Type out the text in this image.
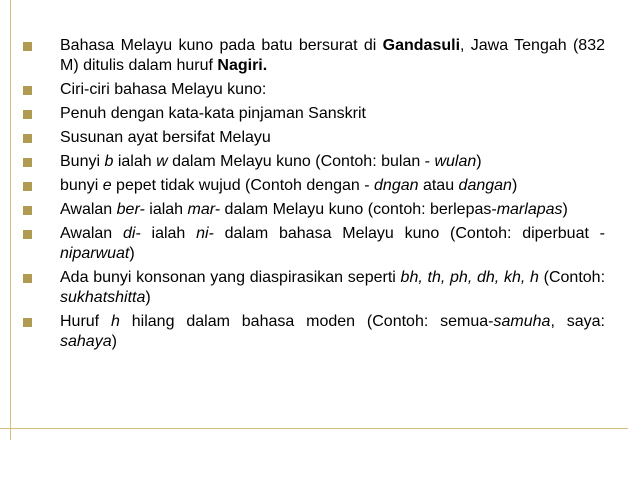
Bahasa Melayu kuno pada batu bersurat di Gandasuli, Jawa Tengah (832 M) ditulis dalam huruf Nagiri.
Ciri-ciri bahasa Melayu kuno:
Penuh dengan kata-kata pinjaman Sanskrit
Susunan ayat bersifat Melayu
Bunyi b ialah w dalam Melayu kuno (Contoh: bulan - wulan)
bunyi e pepet tidak wujud (Contoh dengan - dngan atau dangan)
Awalan ber- ialah mar- dalam Melayu kuno (contoh: berlepas-marlapas)
Awalan di- ialah ni- dalam bahasa Melayu kuno (Contoh: diperbuat - niparwuat)
Ada bunyi konsonan yang diaspirasikan seperti bh, th, ph, dh, kh, h (Contoh: sukhatshitta)
Huruf h hilang dalam bahasa moden (Contoh: semua-samuha, saya: sahaya)
